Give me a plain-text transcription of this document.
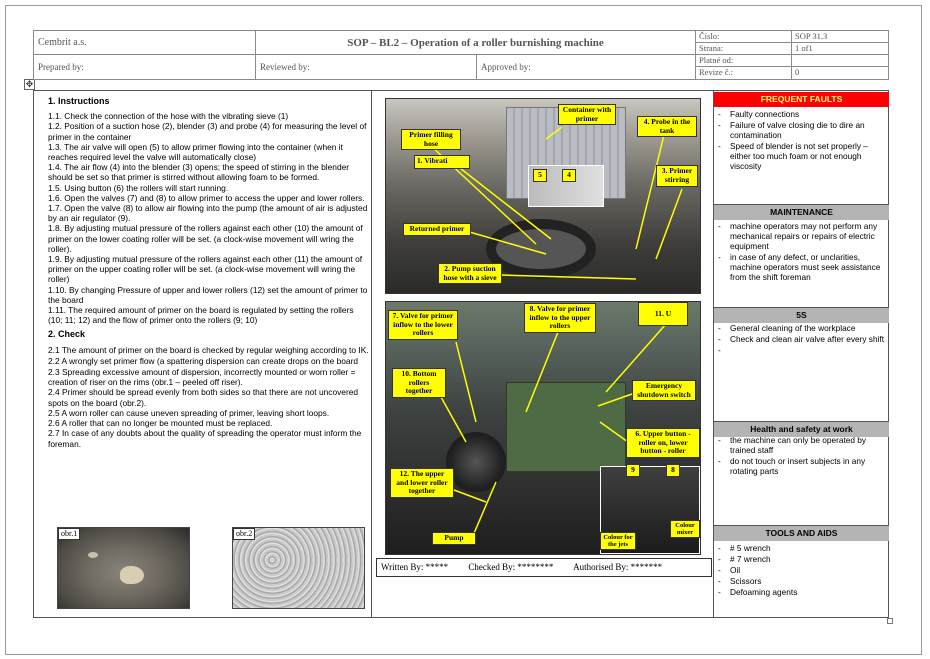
✥
Cembrit a.s.	SOP – BL2 – Operation of a roller burnishing machine
Prepared by:	Reviewed by:	Approved by:
Číslo:	SOP 31.3
Strana:	1 of1
Platné od:
Revize č.:	0
1. Instructions

1.1. Check the connection of the hose with the vibrating sieve (1)

1.2. Position of a suction hose (2), blender (3) and probe (4) for measuring the level of primer in the container

1.3. The air valve will open (5) to allow primer flowing into the container (when it reaches required level the valve will automatically close)

1.4. The air flow (4) into the blender (3) opens; the speed of stirring in the blender should be set so that primer is stirred without allowing foam to be formed.

1.5. Using button (6) the rollers will start running.

1.6. Open the valves (7) and (8) to allow primer to access the upper and lower rollers.

1.7. Open the valve (8) to allow air flowing into the pump (the amount of air is adjusted by an air regulator (9).

1.8. By adjusting mutual pressure of the rollers against each other (10) the amount of primer on the lower coating roller will be set. (a clock-wise movement will wring the roller).

1.9. By adjusting mutual pressure of the rollers against each other (11) the amount of primer on the upper coating roller will be set. (a clock-wise movement will wring the roller)

1.10. By changing Pressure of upper and lower rollers (12) set the amount of primer to the board

1.11. The required amount of primer on the board is regulated by setting the rollers (10; 11; 12) and the flow of primer onto the rollers (9; 10)

2. Check

2.1 The amount of primer on the board is checked by regular weighing according to IK.

2.2 A wrongly set primer flow (a spattering dispersion can create drops on the board

2.3 Spreading excessive amount of dispersion, incorrectly mounted or worn roller = creation of riser on the rims (obr.1 – peeled off riser).

2.4 Primer should be spread evenly from both sides so that there are not uncovered spots on the board (obr.2).

2.5 A worn roller can cause uneven spreading of primer, leaving short loops.

2.6 A roller that can no longer be mounted must be replaced.

2.7 In case of any doubts about the quality of spreading the operator must inform the foreman.

obr.1	obr.2
Container with primer	4. Probe in the tank
Primer filling hose
1. Vibrati
5	4	3. Primer stirring
Returned primer
2. Pump suction hose with a sieve
7. Valve for primer inflow to the lower rollers
8. Valve for primer inflow to the upper rollers
11. U
10. Bottom rollers together
Emergency shutdown switch
6. Upper button - roller on, lower button - roller
9	8
12. The upper and lower roller together
Pump	Colour for the jets
Colour mixer
Written By: ***** Checked By: ******** Authorised By: *******
FREQUENT FAULTS
- Faulty connections
- Failure of valve closing die to dire an contamination
- Speed of blender is not set properly – either too much foam or not enough viscosity
MAINTENANCE
- machine operators may not perform any mechanical repairs or repairs of electric equipment
- in case of any defect, or unclarities, machine operators must seek assistance from the shift foreman
5S
- General cleaning of the workplace
- Check and clean air valve after every shift
Health and safety at work
- the machine can only be operated by trained staff
- do not touch or insert subjects in any rotating parts
TOOLS AND AIDS
- # 5 wrench
- # 7 wrench
- Oil
- Scissors
- Defoaming agents
